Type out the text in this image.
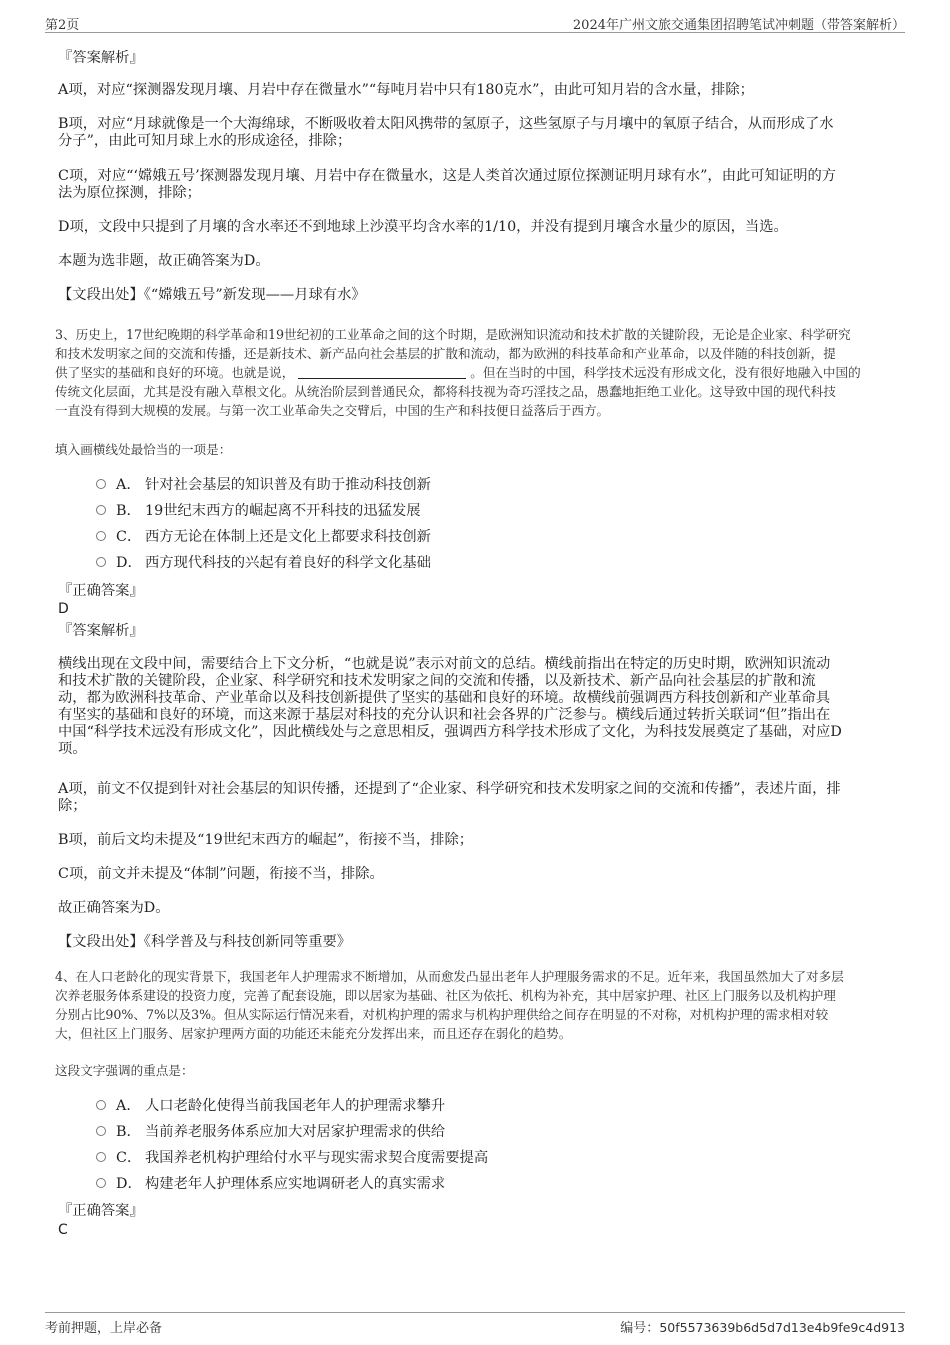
第2页	2024年广州文旅交通集团招聘笔试冲刺题（带答案解析）
『答案解析』
A项，对应“探测器发现月壤、月岩中存在微量水”“每吨月岩中只有180克水”，由此可知月岩的含水量，排除；
B项，对应“月球就像是一个大海绵球，不断吸收着太阳风携带的氢原子，这些氢原子与月壤中的氧原子结合，从而形成了水
分子”，由此可知月球上水的形成途径，排除；
C项，对应“‘嫦娥五号’探测器发现月壤、月岩中存在微量水，这是人类首次通过原位探测证明月球有水”，由此可知证明的方
法为原位探测，排除；
D项，文段中只提到了月壤的含水率还不到地球上沙漠平均含水率的1/10，并没有提到月壤含水量少的原因，当选。
本题为选非题，故正确答案为D。
【文段出处】《“嫦娥五号”新发现——月球有水》
3、历史上，17世纪晚期的科学革命和19世纪初的工业革命之间的这个时期，是欧洲知识流动和技术扩散的关键阶段，无论是企业家、科学研究
和技术发明家之间的交流和传播，还是新技术、新产品向社会基层的扩散和流动，都为欧洲的科技革命和产业革命，以及伴随的科技创新，提
供了坚实的基础和良好的环境。也就是说，	。但在当时的中国，科学技术远没有形成文化，没有很好地融入中国的
传统文化层面，尤其是没有融入草根文化。从统治阶层到普通民众，都将科技视为奇巧淫技之品，愚蠢地拒绝工业化。这导致中国的现代科技
一直没有得到大规模的发展。与第一次工业革命失之交臂后，中国的生产和科技便日益落后于西方。
填入画横线处最恰当的一项是：
A． 针对社会基层的知识普及有助于推动科技创新
B． 19世纪末西方的崛起离不开科技的迅猛发展
C． 西方无论在体制上还是文化上都要求科技创新
D． 西方现代科技的兴起有着良好的科学文化基础
『正确答案』
D
『答案解析』
横线出现在文段中间，需要结合上下文分析，“也就是说”表示对前文的总结。横线前指出在特定的历史时期，欧洲知识流动
和技术扩散的关键阶段，企业家、科学研究和技术发明家之间的交流和传播，以及新技术、新产品向社会基层的扩散和流
动，都为欧洲科技革命、产业革命以及科技创新提供了坚实的基础和良好的环境。故横线前强调西方科技创新和产业革命具
有坚实的基础和良好的环境，而这来源于基层对科技的充分认识和社会各界的广泛参与。横线后通过转折关联词“但”指出在
中国“科学技术远没有形成文化”，因此横线处与之意思相反，强调西方科学技术形成了文化，为科技发展奠定了基础，对应D
项。
A项，前文不仅提到针对社会基层的知识传播，还提到了“企业家、科学研究和技术发明家之间的交流和传播”，表述片面，排
除；
B项，前后文均未提及“19世纪末西方的崛起”，衔接不当，排除；
C项，前文并未提及“体制”问题，衔接不当，排除。
故正确答案为D。
【文段出处】《科学普及与科技创新同等重要》
4、在人口老龄化的现实背景下，我国老年人护理需求不断增加，从而愈发凸显出老年人护理服务需求的不足。近年来，我国虽然加大了对多层
次养老服务体系建设的投资力度，完善了配套设施，即以居家为基础、社区为依托、机构为补充，其中居家护理、社区上门服务以及机构护理
分别占比90%、7%以及3%。但从实际运行情况来看，对机构护理的需求与机构护理供给之间存在明显的不对称，对机构护理的需求相对较
大，但社区上门服务、居家护理两方面的功能还未能充分发挥出来，而且还存在弱化的趋势。
这段文字强调的重点是：
A． 人口老龄化使得当前我国老年人的护理需求攀升
B． 当前养老服务体系应加大对居家护理需求的供给
C． 我国养老机构护理给付水平与现实需求契合度需要提高
D． 构建老年人护理体系应实地调研老人的真实需求
『正确答案』
C
考前押题，上岸必备	编号：50f5573639b6d5d7d13e4b9fe9c4d913
